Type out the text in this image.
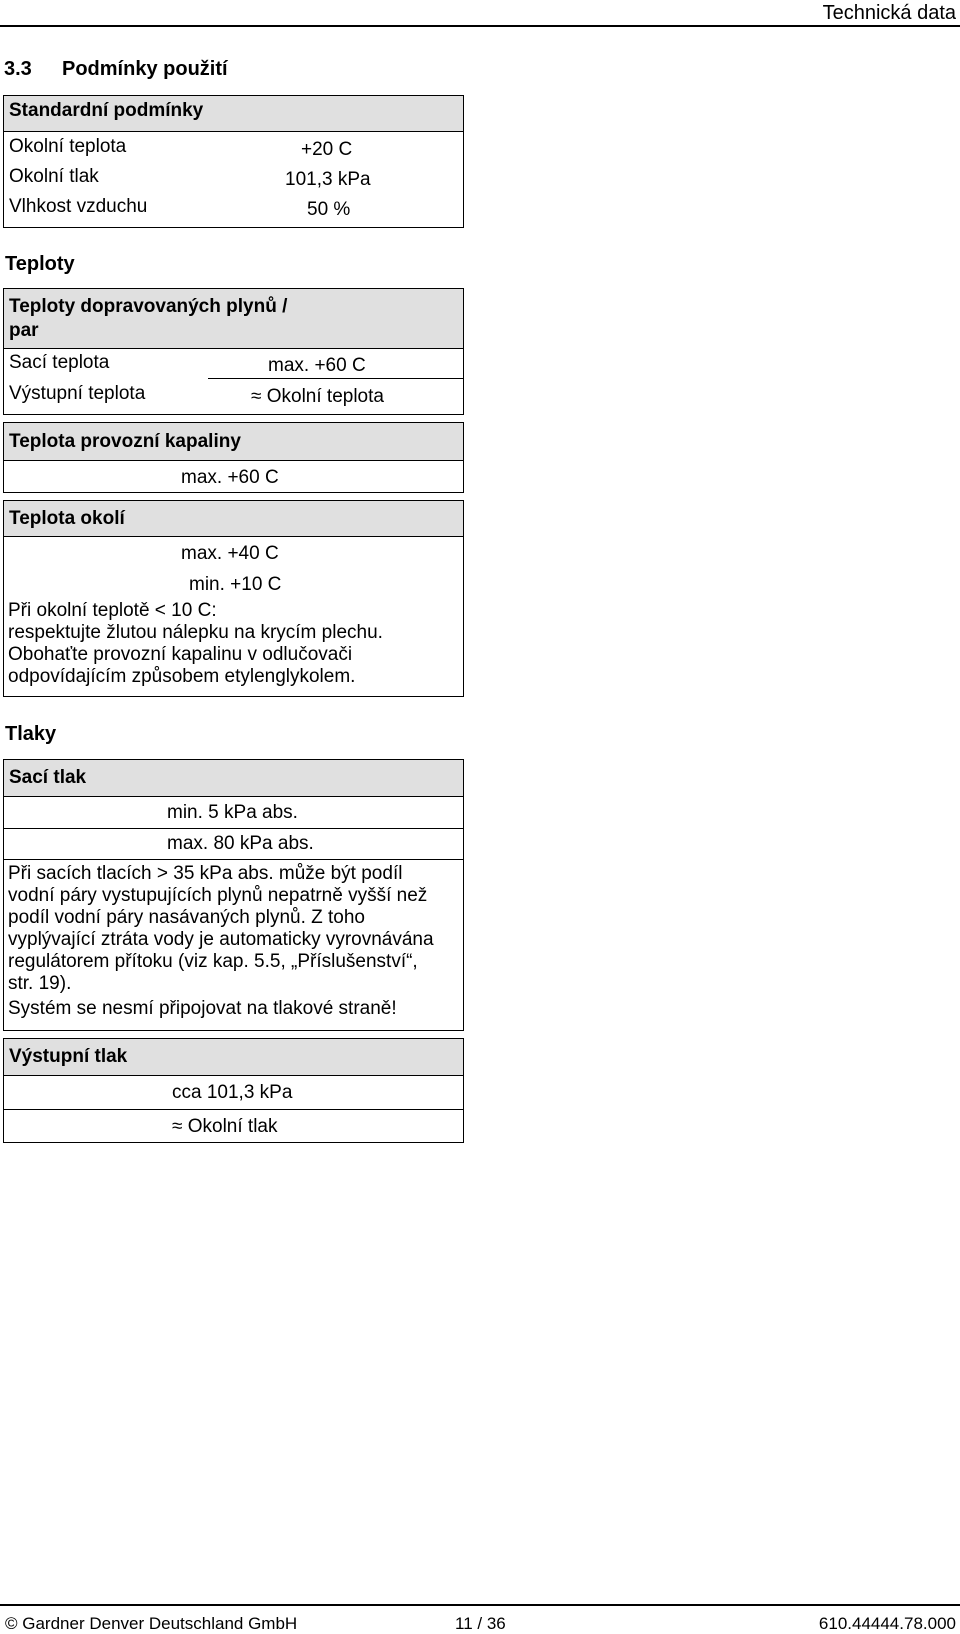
Technická data
3.3 Podmínky použití
Standardní podmínky
Okolní teplota	+20 C
Okolní tlak	101,3 kPa
Vlhkost vzduchu	50 %
Teploty
Teploty dopravovaných plynů /
par
Sací teplota	max. +60 C
Výstupní teplota	≈ Okolní teplota
Teplota provozní kapaliny
max. +60 C
Teplota okolí
max. +40 C
min. +10 C
Při okolní teplotě < 10 C:
respektujte žlutou nálepku na krycím plechu.
Obohaťte provozní kapalinu v odlučovači
odpovídajícím způsobem etylenglykolem.
Tlaky
Sací tlak
min. 5 kPa abs.
max. 80 kPa abs.
Při sacích tlacích > 35 kPa abs. může být podíl
vodní páry vystupujících plynů nepatrně vyšší než
podíl vodní páry nasávaných plynů. Z toho
vyplývající ztráta vody je automaticky vyrovnávána
regulátorem přítoku (viz kap. 5.5, „Příslušenství“,
str. 19).
Systém se nesmí připojovat na tlakové straně!
Výstupní tlak
cca 101,3 kPa
≈ Okolní tlak
© Gardner Denver Deutschland GmbH	11 / 36	610.44444.78.000
